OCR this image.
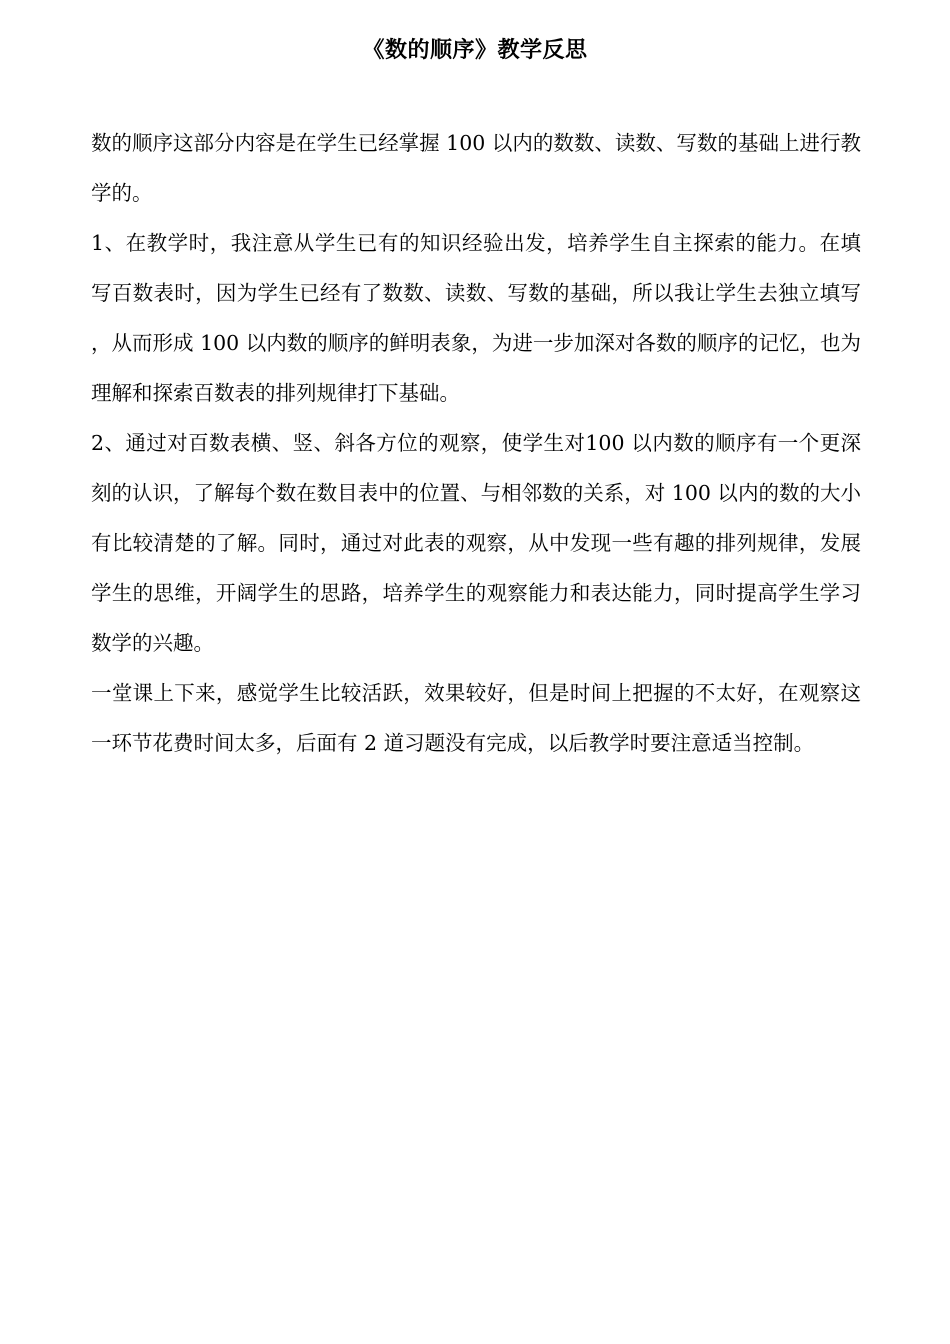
《数的顺序》教学反思

数的顺序这部分内容是在学生已经掌握 100 以内的数数、读数、写数的基础上进行教学的。

1、在教学时，我注意从学生已有的知识经验出发，培养学生自主探索的能力。在填写百数表时，因为学生已经有了数数、读数、写数的基础，所以我让学生去独立填写，从而形成 100 以内数的顺序的鲜明表象，为进一步加深对各数的顺序的记忆，也为理解和探索百数表的排列规律打下基础。

2、通过对百数表横、竖、斜各方位的观察，使学生对100 以内数的顺序有一个更深刻的认识，了解每个数在数目表中的位置、与相邻数的关系，对 100 以内的数的大小有比较清楚的了解。同时，通过对此表的观察，从中发现一些有趣的排列规律，发展学生的思维，开阔学生的思路，培养学生的观察能力和表达能力，同时提高学生学习数学的兴趣。

一堂课上下来，感觉学生比较活跃，效果较好，但是时间上把握的不太好，在观察这一环节花费时间太多，后面有 2 道习题没有完成，以后教学时要注意适当控制。
